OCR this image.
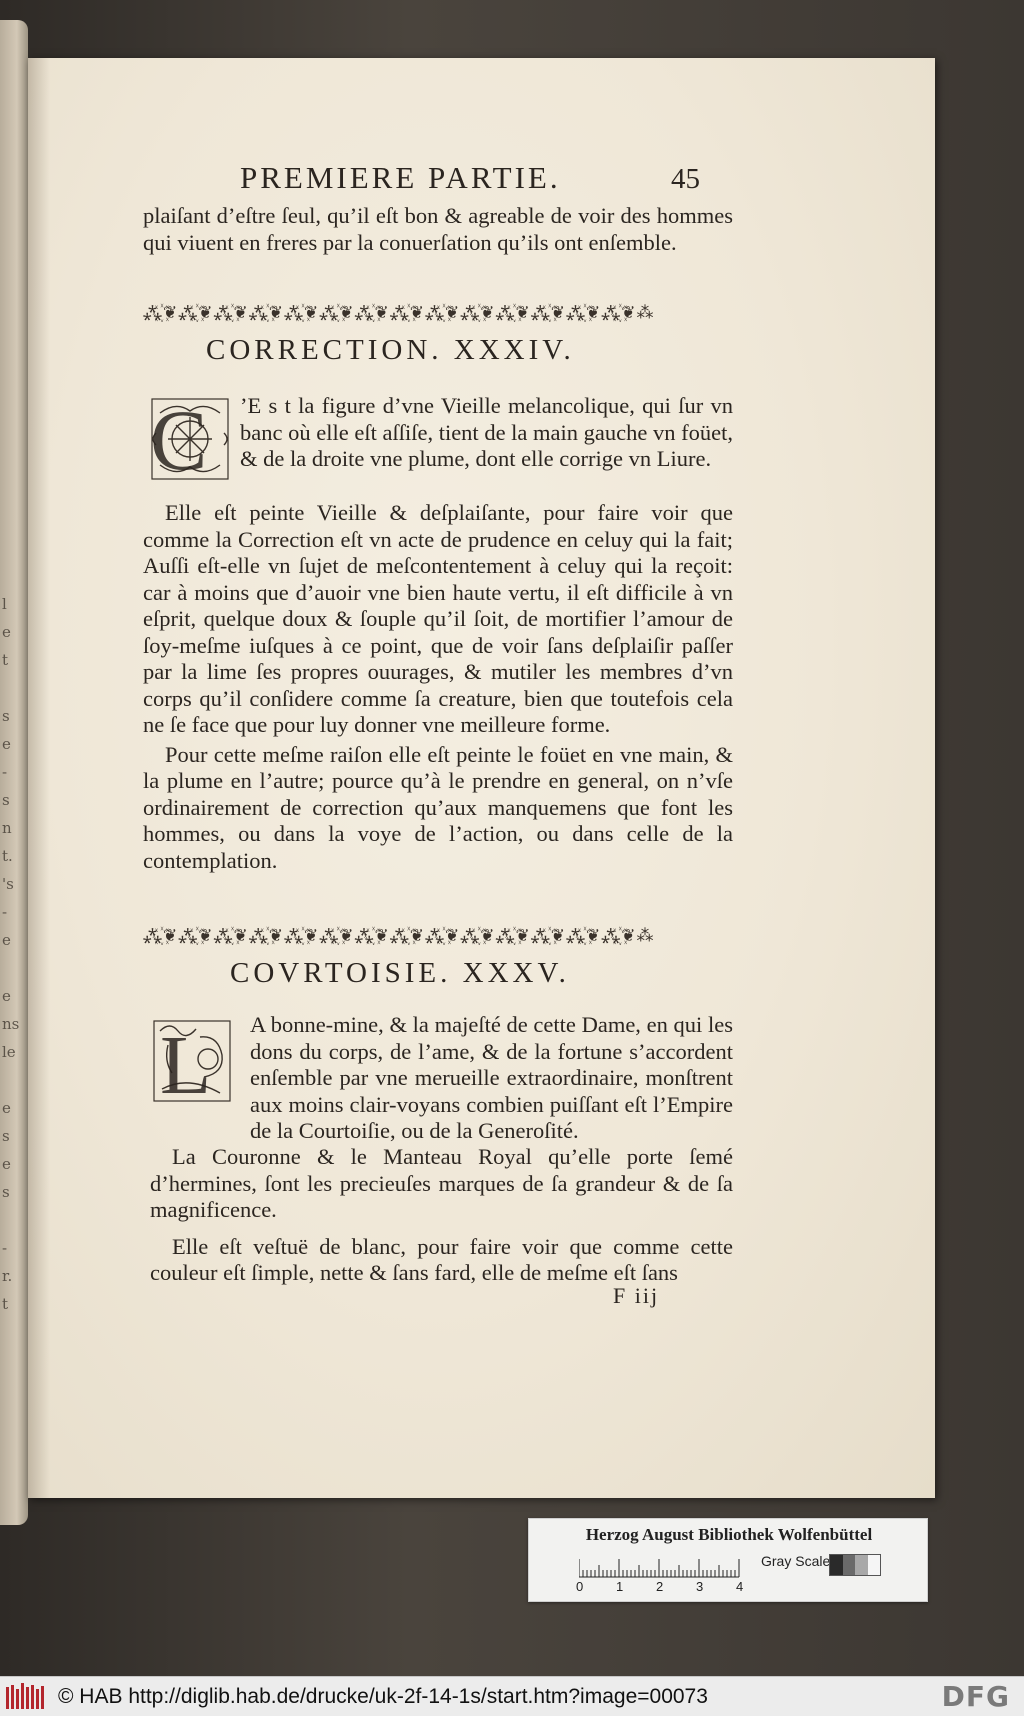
l
e
t

s
e
-
s
n
t.
's
-
e

e
ns
le

e
s
e
s

-
r.
t
PREMIERE PARTIE.	45

plaiſant d’eſtre ſeul, qu’il eſt bon & agreable de voir des hommes qui viuent en freres par la conuerſation qu’ils ont enſemble.

⁂꙰❦⁂꙰❦⁂꙰❦⁂꙰❦⁂꙰❦⁂꙰❦⁂꙰❦⁂꙰❦⁂꙰❦⁂꙰❦⁂꙰❦⁂꙰❦⁂꙰❦⁂꙰❦⁂
CORRECTION. XXXIV.
C ’E s t la figure d’vne Vieille melancolique, qui ſur vn banc où elle eſt aſſiſe, tient de la main gauche vn foüet, & de la droite vne plume, dont elle corrige vn Liure.

Elle eſt peinte Vieille & deſplaiſante, pour faire voir que comme la Correction eſt vn acte de prudence en celuy qui la fait; Auſſi eſt-elle vn ſujet de meſcontentement à celuy qui la reçoit: car à moins que d’auoir vne bien haute vertu, il eſt difficile à vn eſprit, quelque doux & ſouple qu’il ſoit, de mortifier l’amour de ſoy-meſme iuſques à ce point, que de voir ſans deſplaiſir paſſer par la lime ſes propres ouurages, & mutiler les membres d’vn corps qu’il conſidere comme ſa creature, bien que toutefois cela ne ſe face que pour luy donner vne meilleure forme.

Pour cette meſme raiſon elle eſt peinte le foüet en vne main, & la plume en l’autre; pource qu’à le prendre en general, on n’vſe ordinairement de correction qu’aux manquemens que font les hommes, ou dans la voye de l’action, ou dans celle de la contemplation.

⁂꙰❦⁂꙰❦⁂꙰❦⁂꙰❦⁂꙰❦⁂꙰❦⁂꙰❦⁂꙰❦⁂꙰❦⁂꙰❦⁂꙰❦⁂꙰❦⁂꙰❦⁂꙰❦⁂
COVRTOISIE. XXXV.
L A bonne-mine, & la majeſté de cette Dame, en qui les dons du corps, de l’ame, & de la fortune s’accordent enſemble par vne merueille extraordinaire, monſtrent aux moins clair-voyans combien puiſſant eſt l’Empire de la Courtoiſie, ou de la Generoſité.

La Couronne & le Manteau Royal qu’elle porte ſemé d’hermines, ſont les precieuſes marques de ſa grandeur & de ſa magnificence.

Elle eſt veſtuë de blanc, pour faire voir que comme cette couleur eſt ſimple, nette & ſans fard, elle de meſme eſt ſans

F iij
Herzog August Bibliothek Wolfenbüttel
0	1	2	3	4
Gray Scale
© HAB http://diglib.hab.de/drucke/uk-2f-14-1s/start.htm?image=00073	DFG
